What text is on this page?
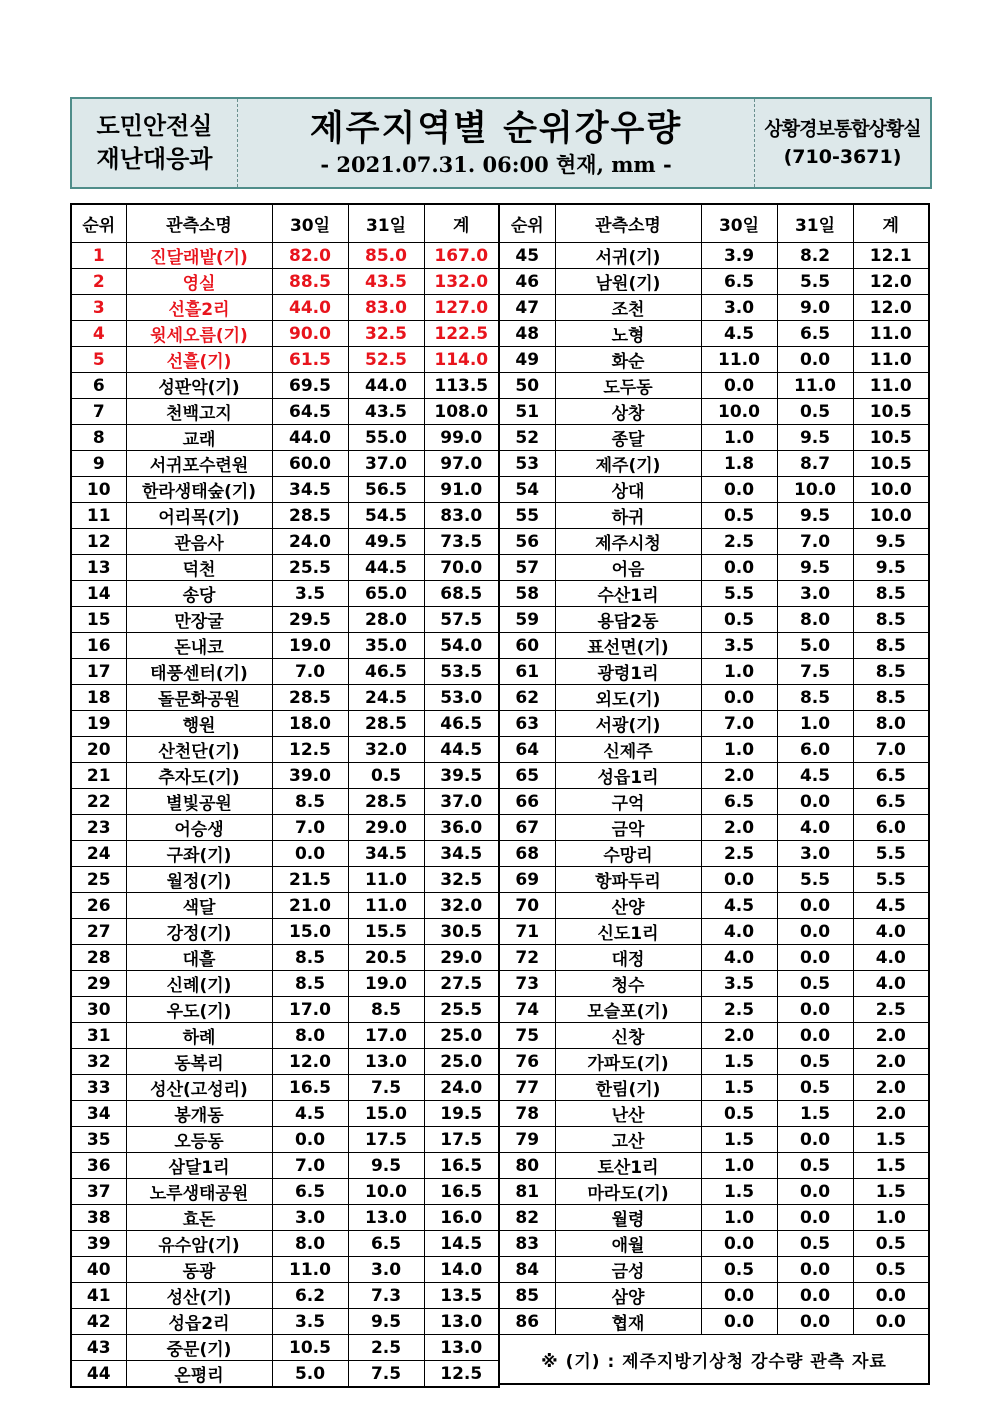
도민안전실
재난대응과
제주지역별 순위강우량
- 2021.07.31. 06:00 현재, mm -
상황경보통합상황실
(710-3671)
순위	관측소명	30일	31일	계
1	진달래밭(기)	82.0	85.0	167.0
2	영실	88.5	43.5	132.0
3	선흘2리	44.0	83.0	127.0
4	윗세오름(기)	90.0	32.5	122.5
5	선흘(기)	61.5	52.5	114.0
6	성판악(기)	69.5	44.0	113.5
7	천백고지	64.5	43.5	108.0
8	교래	44.0	55.0	99.0
9	서귀포수련원	60.0	37.0	97.0
10	한라생태숲(기)	34.5	56.5	91.0
11	어리목(기)	28.5	54.5	83.0
12	관음사	24.0	49.5	73.5
13	덕천	25.5	44.5	70.0
14	송당	3.5	65.0	68.5
15	만장굴	29.5	28.0	57.5
16	돈내코	19.0	35.0	54.0
17	태풍센터(기)	7.0	46.5	53.5
18	돌문화공원	28.5	24.5	53.0
19	행원	18.0	28.5	46.5
20	산천단(기)	12.5	32.0	44.5
21	추자도(기)	39.0	0.5	39.5
22	별빛공원	8.5	28.5	37.0
23	어승생	7.0	29.0	36.0
24	구좌(기)	0.0	34.5	34.5
25	월정(기)	21.5	11.0	32.5
26	색달	21.0	11.0	32.0
27	강정(기)	15.0	15.5	30.5
28	대흘	8.5	20.5	29.0
29	신례(기)	8.5	19.0	27.5
30	우도(기)	17.0	8.5	25.5
31	하례	8.0	17.0	25.0
32	동복리	12.0	13.0	25.0
33	성산(고성리)	16.5	7.5	24.0
34	봉개동	4.5	15.0	19.5
35	오등동	0.0	17.5	17.5
36	삼달1리	7.0	9.5	16.5
37	노루생태공원	6.5	10.0	16.5
38	효돈	3.0	13.0	16.0
39	유수암(기)	8.0	6.5	14.5
40	동광	11.0	3.0	14.0
41	성산(기)	6.2	7.3	13.5
42	성읍2리	3.5	9.5	13.0
43	중문(기)	10.5	2.5	13.0
44	온평리	5.0	7.5	12.5
순위	관측소명	30일	31일	계
45	서귀(기)	3.9	8.2	12.1
46	남원(기)	6.5	5.5	12.0
47	조천	3.0	9.0	12.0
48	노형	4.5	6.5	11.0
49	화순	11.0	0.0	11.0
50	도두동	0.0	11.0	11.0
51	상창	10.0	0.5	10.5
52	종달	1.0	9.5	10.5
53	제주(기)	1.8	8.7	10.5
54	상대	0.0	10.0	10.0
55	하귀	0.5	9.5	10.0
56	제주시청	2.5	7.0	9.5
57	어음	0.0	9.5	9.5
58	수산1리	5.5	3.0	8.5
59	용담2동	0.5	8.0	8.5
60	표선면(기)	3.5	5.0	8.5
61	광령1리	1.0	7.5	8.5
62	외도(기)	0.0	8.5	8.5
63	서광(기)	7.0	1.0	8.0
64	신제주	1.0	6.0	7.0
65	성읍1리	2.0	4.5	6.5
66	구억	6.5	0.0	6.5
67	금악	2.0	4.0	6.0
68	수망리	2.5	3.0	5.5
69	항파두리	0.0	5.5	5.5
70	산양	4.5	0.0	4.5
71	신도1리	4.0	0.0	4.0
72	대정	4.0	0.0	4.0
73	청수	3.5	0.5	4.0
74	모슬포(기)	2.5	0.0	2.5
75	신창	2.0	0.0	2.0
76	가파도(기)	1.5	0.5	2.0
77	한림(기)	1.5	0.5	2.0
78	난산	0.5	1.5	2.0
79	고산	1.5	0.0	1.5
80	토산1리	1.0	0.5	1.5
81	마라도(기)	1.5	0.0	1.5
82	월령	1.0	0.0	1.0
83	애월	0.0	0.5	0.5
84	금성	0.5	0.0	0.5
85	삼양	0.0	0.0	0.0
86	협재	0.0	0.0	0.0
※ (기) : 제주지방기상청 강수량 관측 자료				
